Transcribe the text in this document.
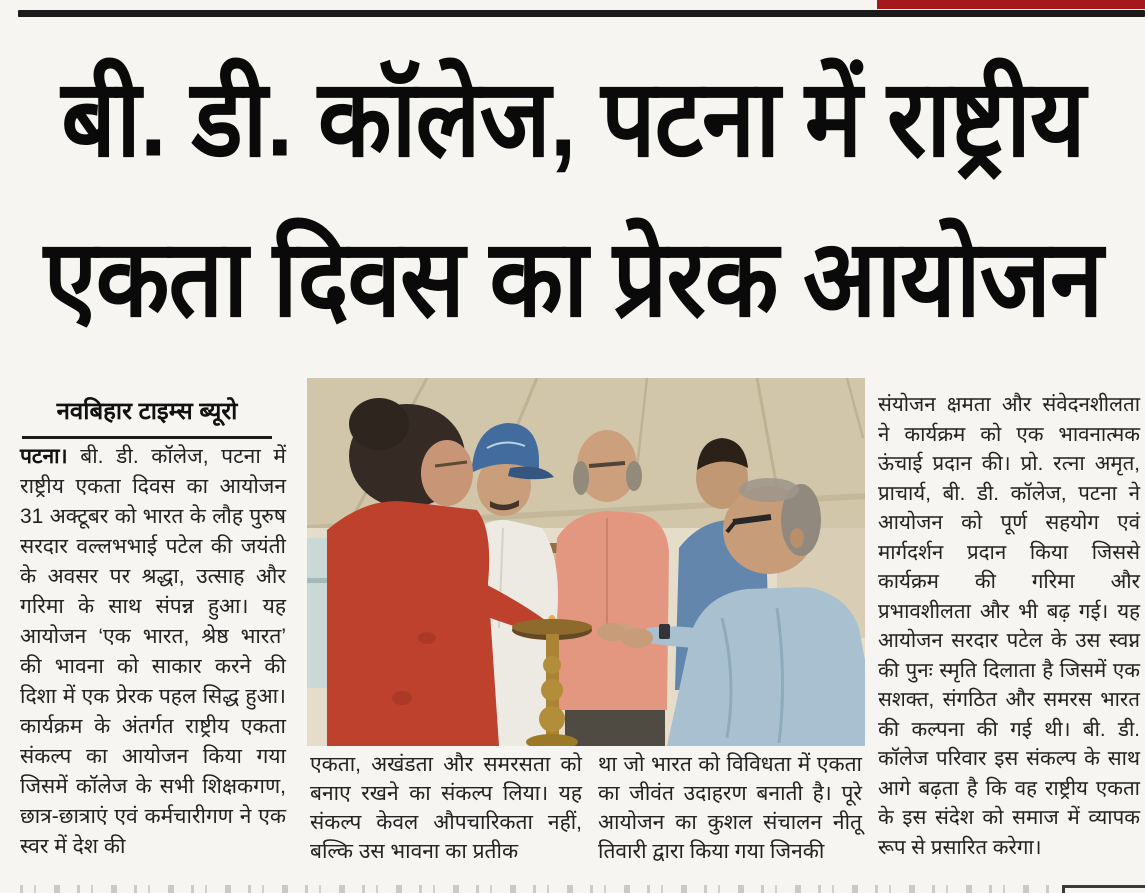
बी. डी. कॉलेज, पटना में राष्ट्रीय
एकता दिवस का प्रेरक आयोजन
नवबिहार टाइम्स ब्यूरो

पटना। बी. डी. कॉलेज, पटना में राष्ट्रीय एकता दिवस का आयोजन 31 अक्टूबर को भारत के लौह पुरुष सरदार वल्लभभाई पटेल की जयंती के अवसर पर श्रद्धा, उत्साह और गरिमा के साथ संपन्न हुआ। यह आयोजन ‘एक भारत, श्रेष्ठ भारत’ की भावना को साकार करने की दिशा में एक प्रेरक पहल सिद्ध हुआ। कार्यक्रम के अंतर्गत राष्ट्रीय एकता संकल्प का आयोजन किया गया जिसमें कॉलेज के सभी शिक्षकगण, छात्र-छात्राएं एवं कर्मचारीगण ने एक स्वर में देश की

एकता, अखंडता और समरसता को बनाए रखने का संकल्प लिया। यह संकल्प केवल औपचारिकता नहीं, बल्कि उस भावना का प्रतीक

था जो भारत को विविधता में एकता का जीवंत उदाहरण बनाती है। पूरे आयोजन का कुशल संचालन नीतू तिवारी द्वारा किया गया जिनकी

संयोजन क्षमता और संवेदनशीलता ने कार्यक्रम को एक भावनात्मक ऊंचाई प्रदान की। प्रो. रत्ना अमृत, प्राचार्य, बी. डी. कॉलेज, पटना ने आयोजन को पूर्ण सहयोग एवं मार्गदर्शन प्रदान किया जिससे कार्यक्रम की गरिमा और प्रभावशीलता और भी बढ़ गई। यह आयोजन सरदार पटेल के उस स्वप्न की पुनः स्मृति दिलाता है जिसमें एक सशक्त, संगठित और समरस भारत की कल्पना की गई थी। बी. डी. कॉलेज परिवार इस संकल्प के साथ आगे बढ़ता है कि वह राष्ट्रीय एकता के इस संदेश को समाज में व्यापक रूप से प्रसारित करेगा।
